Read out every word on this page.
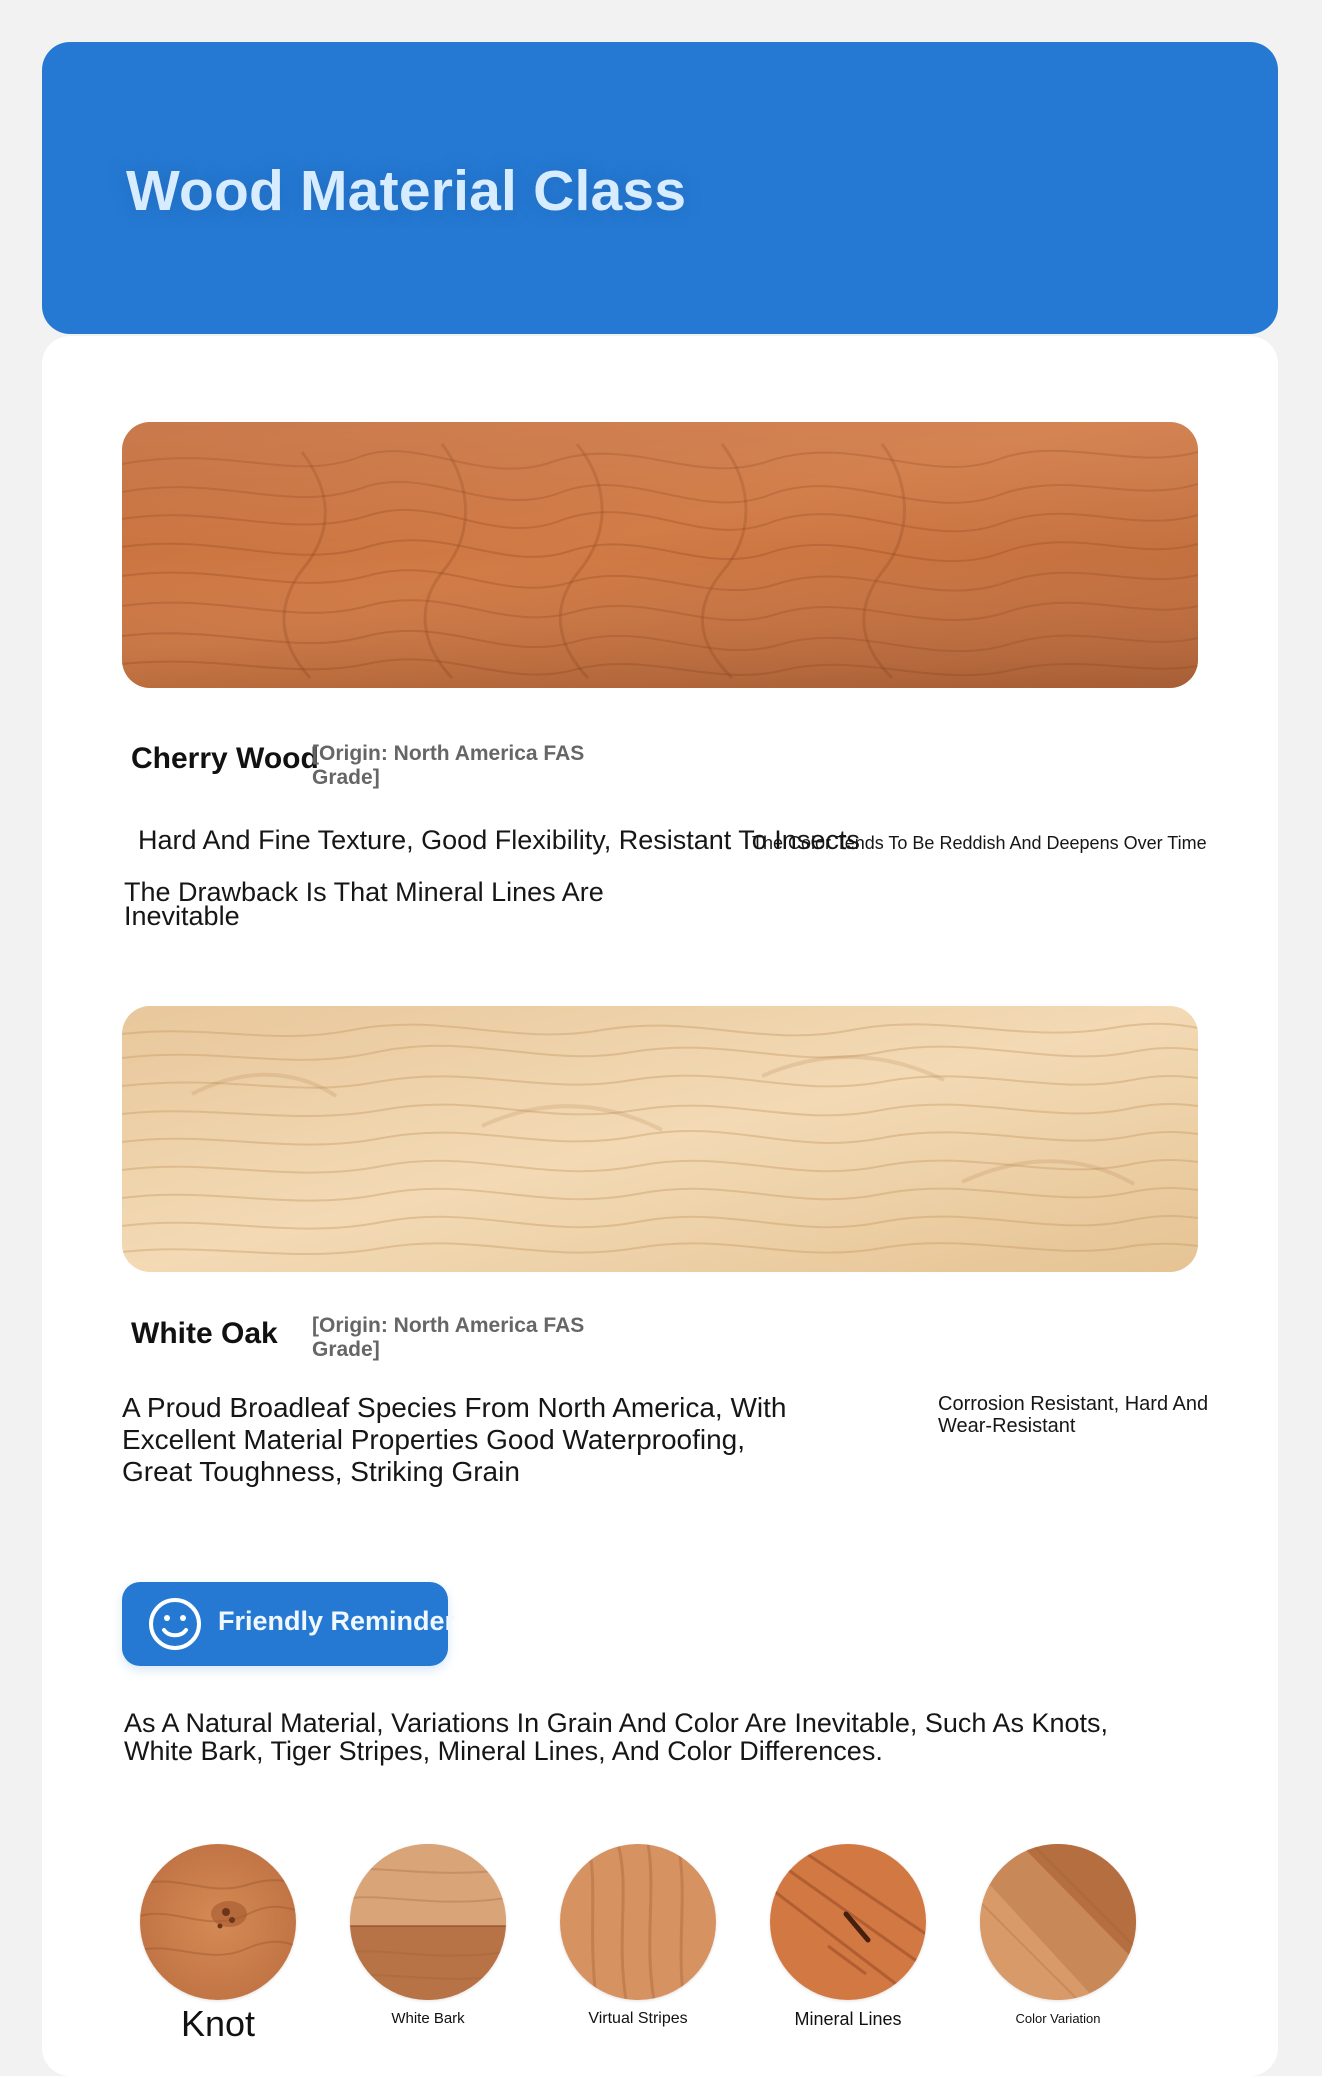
Wood Material Class
Cherry Wood
[Origin: North America FAS Grade]
Hard And Fine Texture, Good Flexibility, Resistant To Insects
The Color Tends To Be Reddish And Deepens Over Time
The Drawback Is That Mineral Lines Are Inevitable
White Oak [Origin: North America FAS Grade]
A Proud Broadleaf Species From North America, With Excellent Material Properties Good Waterproofing, Great Toughness, Striking Grain
Corrosion Resistant, Hard And Wear-Resistant
Friendly Reminder
As A Natural Material, Variations In Grain And Color Are Inevitable, Such As Knots, White Bark, Tiger Stripes, Mineral Lines, And Color Differences.
Knot	White Bark	Virtual Stripes	Mineral Lines	Color Variation
